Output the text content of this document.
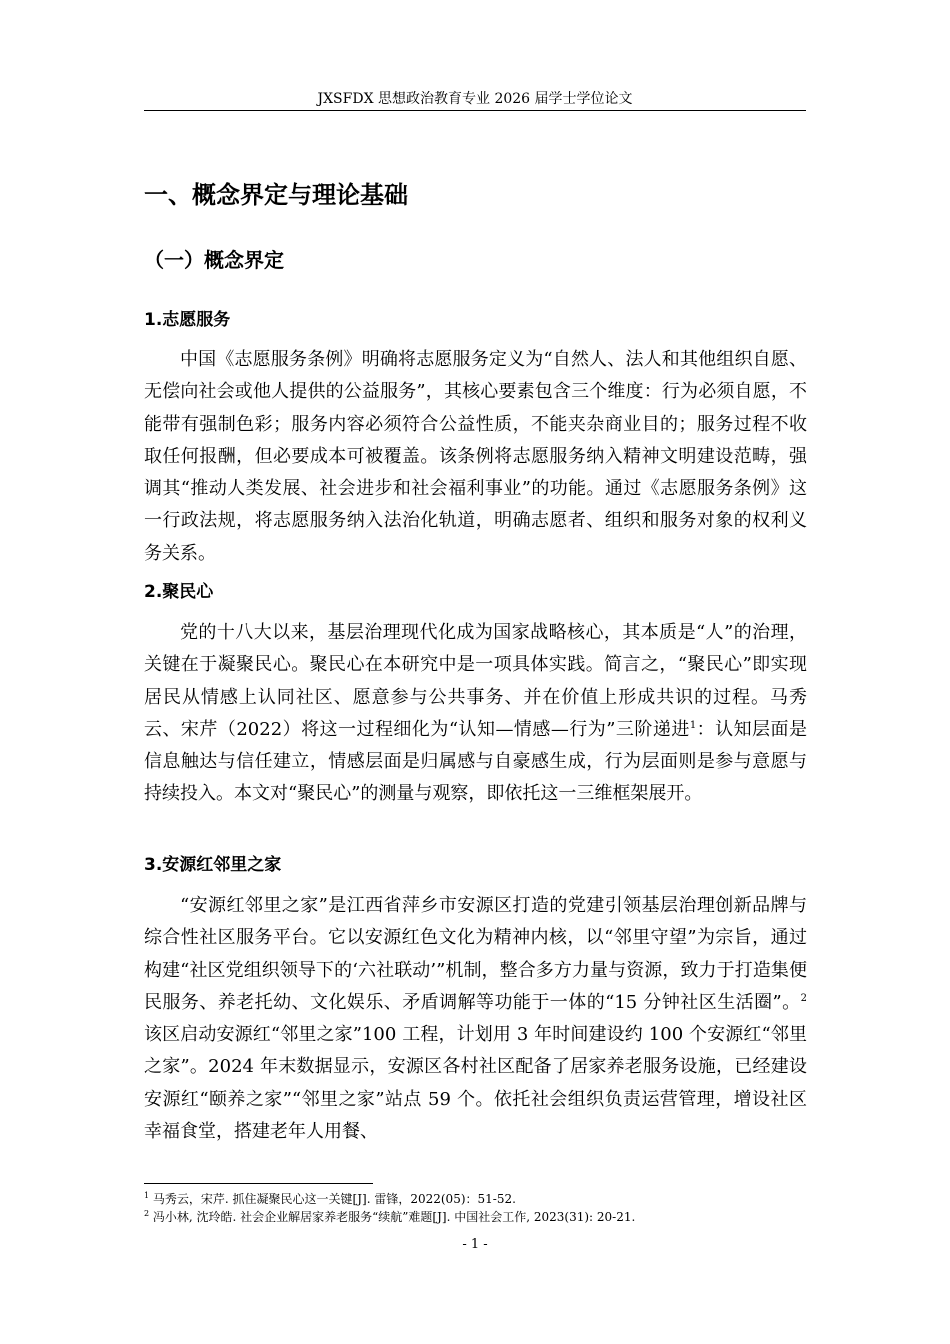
JXSFDX 思想政治教育专业 2026 届学士学位论文
一、概念界定与理论基础
（一）概念界定
1.志愿服务

中国《志愿服务条例》明确将志愿服务定义为“自然人、法人和其他组织自愿、无偿向社会或他人提供的公益服务”，其核心要素包含三个维度：行为必须自愿，不能带有强制色彩；服务内容必须符合公益性质，不能夹杂商业目的；服务过程不收取任何报酬，但必要成本可被覆盖。该条例将志愿服务纳入精神文明建设范畴，强调其“推动人类发展、社会进步和社会福利事业”的功能。通过《志愿服务条例》这一行政法规，将志愿服务纳入法治化轨道，明确志愿者、组织和服务对象的权利义务关系。

2.聚民心

党的十八大以来，基层治理现代化成为国家战略核心，其本质是“人”的治理，关键在于凝聚民心。聚民心在本研究中是一项具体实践。简言之，“聚民心”即实现居民从情感上认同社区、愿意参与公共事务、并在价值上形成共识的过程。马秀云、宋芹（2022）将这一过程细化为“认知—情感—行为”三阶递进$^1$：认知层面是信息触达与信任建立，情感层面是归属感与自豪感生成，行为层面则是参与意愿与持续投入。本文对“聚民心”的测量与观察，即依托这一三维框架展开。

3.安源红邻里之家

“安源红邻里之家”是江西省萍乡市安源区打造的党建引领基层治理创新品牌与综合性社区服务平台。它以安源红色文化为精神内核，以“邻里守望”为宗旨，通过构建“社区党组织领导下的‘六社联动’”机制，整合多方力量与资源，致力于打造集便民服务、养老托幼、文化娱乐、矛盾调解等功能于一体的“15 分钟社区生活圈”。$^2$该区启动安源红“邻里之家”100 工程，计划用 3 年时间建设约 100 个安源红“邻里之家”。2024 年末数据显示，安源区各村社区配备了居家养老服务设施，已经建设安源红“颐养之家”“邻里之家”站点 59 个。依托社会组织负责运营管理，增设社区幸福食堂，搭建老年人用餐、

$^1$ 马秀云，宋芹. 抓住凝聚民心这一关键[J]. 雷锋，2022(05)：51-52.

$^2$ 冯小林, 沈玲皓. 社会企业解居家养老服务“续航”难题[J]. 中国社会工作, 2023(31): 20-21.

- 1 -
